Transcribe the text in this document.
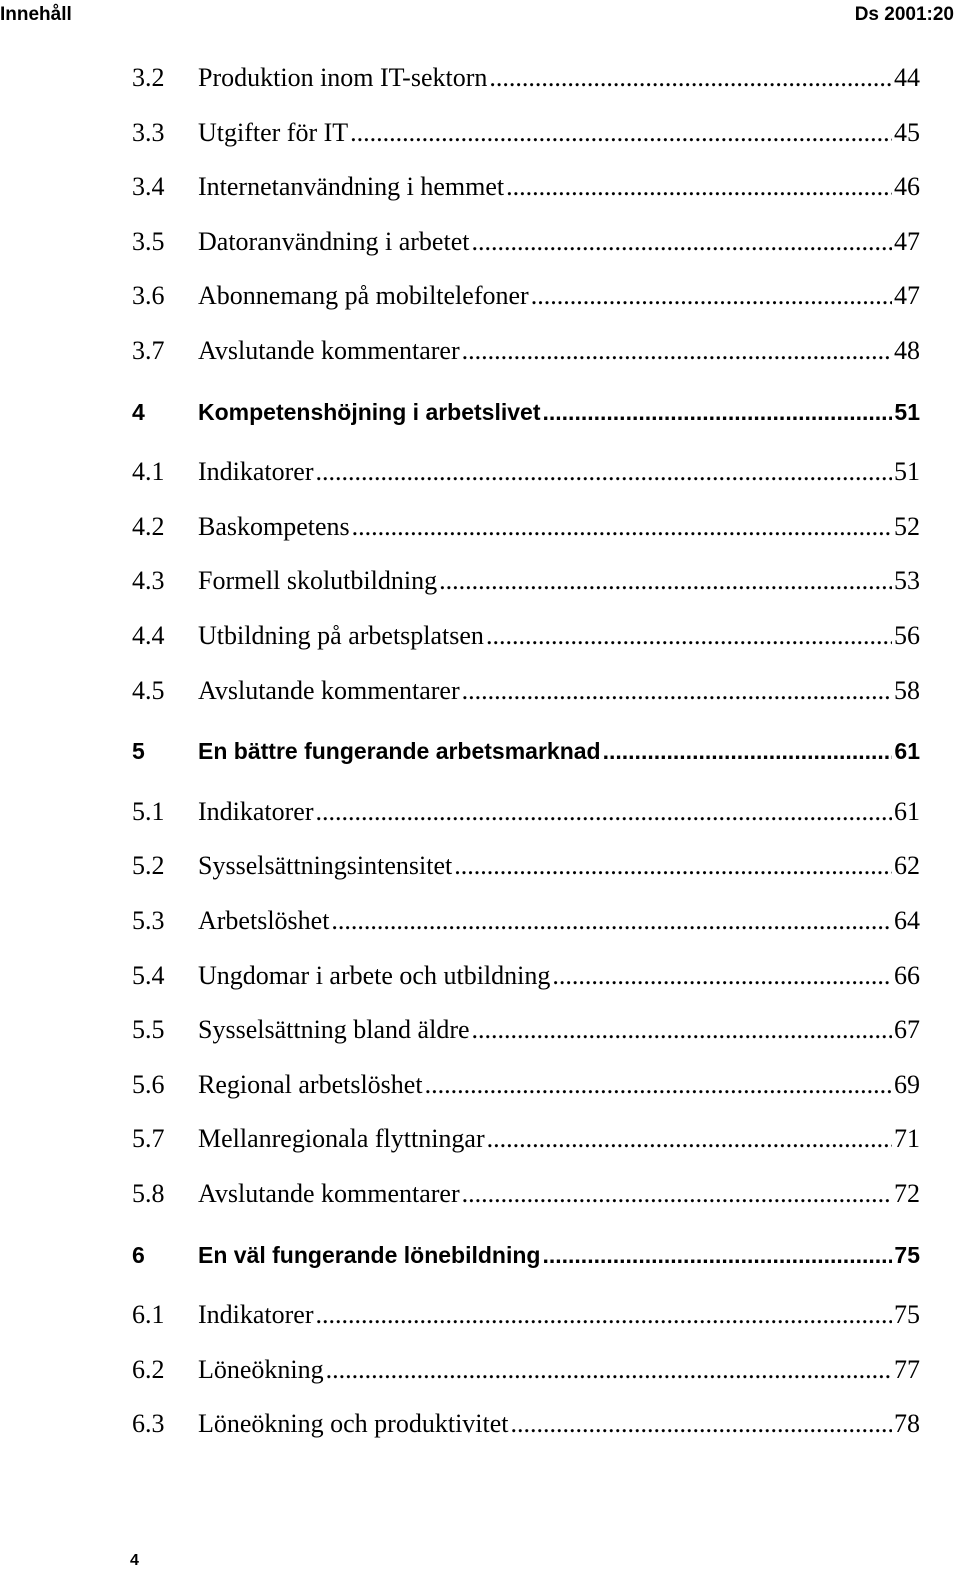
Innehåll	Ds 2001:20
3.2 Produktion inom IT-sektorn .....	44
3.3 Utgifter för IT .....	45
3.4 Internetanvändning i hemmet .....	46
3.5 Datoranvändning i arbetet .....	47
3.6 Abonnemang på mobiltelefoner .....	47
3.7 Avslutande kommentarer .....	48
4 Kompetenshöjning i arbetslivet .....	51
4.1 Indikatorer .....	51
4.2 Baskompetens .....	52
4.3 Formell skolutbildning .....	53
4.4 Utbildning på arbetsplatsen .....	56
4.5 Avslutande kommentarer .....	58
5 En bättre fungerande arbetsmarknad .....	61
5.1 Indikatorer .....	61
5.2 Sysselsättningsintensitet .....	62
5.3 Arbetslöshet .....	64
5.4 Ungdomar i arbete och utbildning .....	66
5.5 Sysselsättning bland äldre .....	67
5.6 Regional arbetslöshet .....	69
5.7 Mellanregionala flyttningar .....	71
5.8 Avslutande kommentarer .....	72
6 En väl fungerande lönebildning .....	75
6.1 Indikatorer .....	75
6.2 Löneökning .....	77
6.3 Löneökning och produktivitet .....	78
4
